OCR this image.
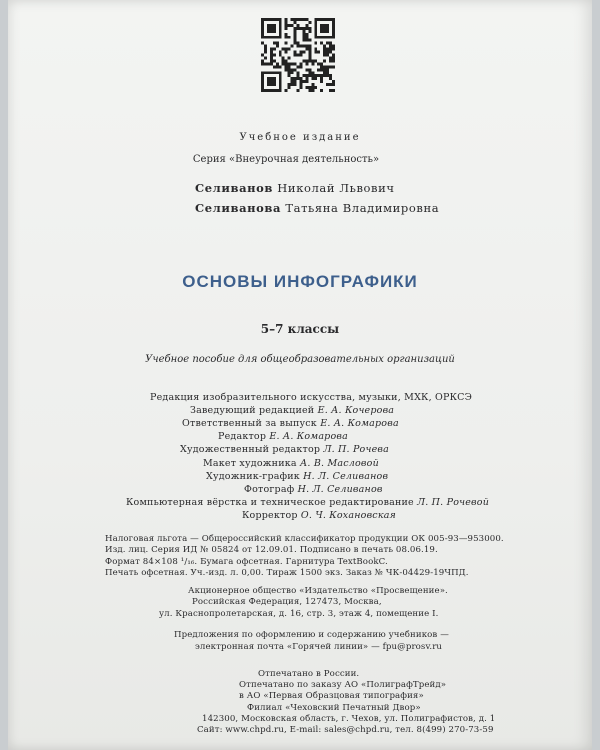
Учебное издание
Серия «Внеурочная деятельность»
Селиванов Николай Львович
Селиванова Татьяна Владимировна
ОСНОВЫ ИНФОГРАФИКИ
5–7 классы
Учебное пособие для общеобразовательных организаций
Редакция изобразительного искусства, музыки, МХК, ОРКСЭ
Заведующий редакцией Е. А. Кочерова
Ответственный за выпуск Е. А. Комарова
Редактор Е. А. Комарова
Художественный редактор Л. П. Рочева
Макет художника А. В. Масловой
Художник-график Н. Л. Селиванов
Фотограф Н. Л. Селиванов
Компьютерная вёрстка и техническое редактирование Л. П. Рочевой
Корректор О. Ч. Кохановская
Налоговая льгота — Общероссийский классификатор продукции ОК 005-93—953000.
Изд. лиц. Серия ИД № 05824 от 12.09.01. Подписано в печать 08.06.19.
Формат 84×108 ¹/₁₆. Бумага офсетная. Гарнитура TextBookC.
Печать офсетная. Уч.-изд. л. 0,00. Тираж 1500 экз. Заказ № ЧК-04429-19ЧПД.
Акционерное общество «Издательство «Просвещение».
Российская Федерация, 127473, Москва,
ул. Краснопролетарская, д. 16, стр. 3, этаж 4, помещение I.
Предложения по оформлению и содержанию учебников —
электронная почта «Горячей линии» — fpu@prosv.ru
Отпечатано в России.
Отпечатано по заказу АО «ПолиграфТрейд»
в АО «Первая Образцовая типография»
Филиал «Чеховский Печатный Двор»
142300, Московская область, г. Чехов, ул. Полиграфистов, д. 1
Сайт: www.chpd.ru, E-mail: sales@chpd.ru, тел. 8(499) 270-73-59
